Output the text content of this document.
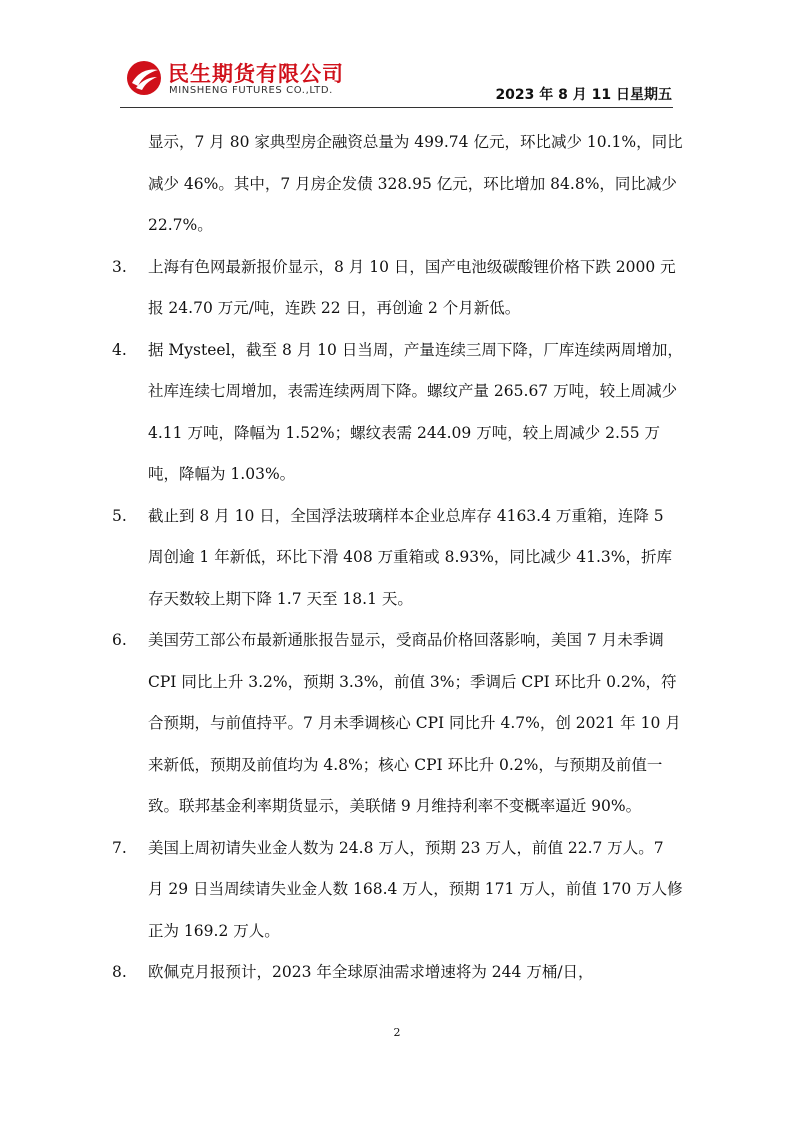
民生期货有限公司
MINSHENG FUTURES CO.,LTD.	2023 年 8 月 11 日星期五

显示，7 月 80 家典型房企融资总量为 499.74 亿元，环比减少 10.1%，同比减少 46%。其中，7 月房企发债 328.95 亿元，环比增加 84.8%，同比减少 22.7%。

3.	上海有色网最新报价显示，8 月 10 日，国产电池级碳酸锂价格下跌 2000 元报 24.70 万元/吨，连跌 22 日，再创逾 2 个月新低。
4.	据 Mysteel，截至 8 月 10 日当周，产量连续三周下降，厂库连续两周增加，社库连续七周增加，表需连续两周下降。螺纹产量 265.67 万吨，较上周减少 4.11 万吨，降幅为 1.52%；螺纹表需 244.09 万吨，较上周减少 2.55 万吨，降幅为 1.03%。
5.	截止到 8 月 10 日，全国浮法玻璃样本企业总库存 4163.4 万重箱，连降 5 周创逾 1 年新低，环比下滑 408 万重箱或 8.93%，同比减少 41.3%，折库存天数较上期下降 1.7 天至 18.1 天。
6.	美国劳工部公布最新通胀报告显示，受商品价格回落影响，美国 7 月未季调 CPI 同比上升 3.2%，预期 3.3%，前值 3%；季调后 CPI 环比升 0.2%，符合预期，与前值持平。7 月未季调核心 CPI 同比升 4.7%，创 2021 年 10 月来新低，预期及前值均为 4.8%；核心 CPI 环比升 0.2%，与预期及前值一致。联邦基金利率期货显示，美联储 9 月维持利率不变概率逼近 90%。
7.	美国上周初请失业金人数为 24.8 万人，预期 23 万人，前值 22.7 万人。7 月 29 日当周续请失业金人数 168.4 万人，预期 171 万人，前值 170 万人修正为 169.2 万人。
8.	欧佩克月报预计，2023 年全球原油需求增速将为 244 万桶/日，
2
